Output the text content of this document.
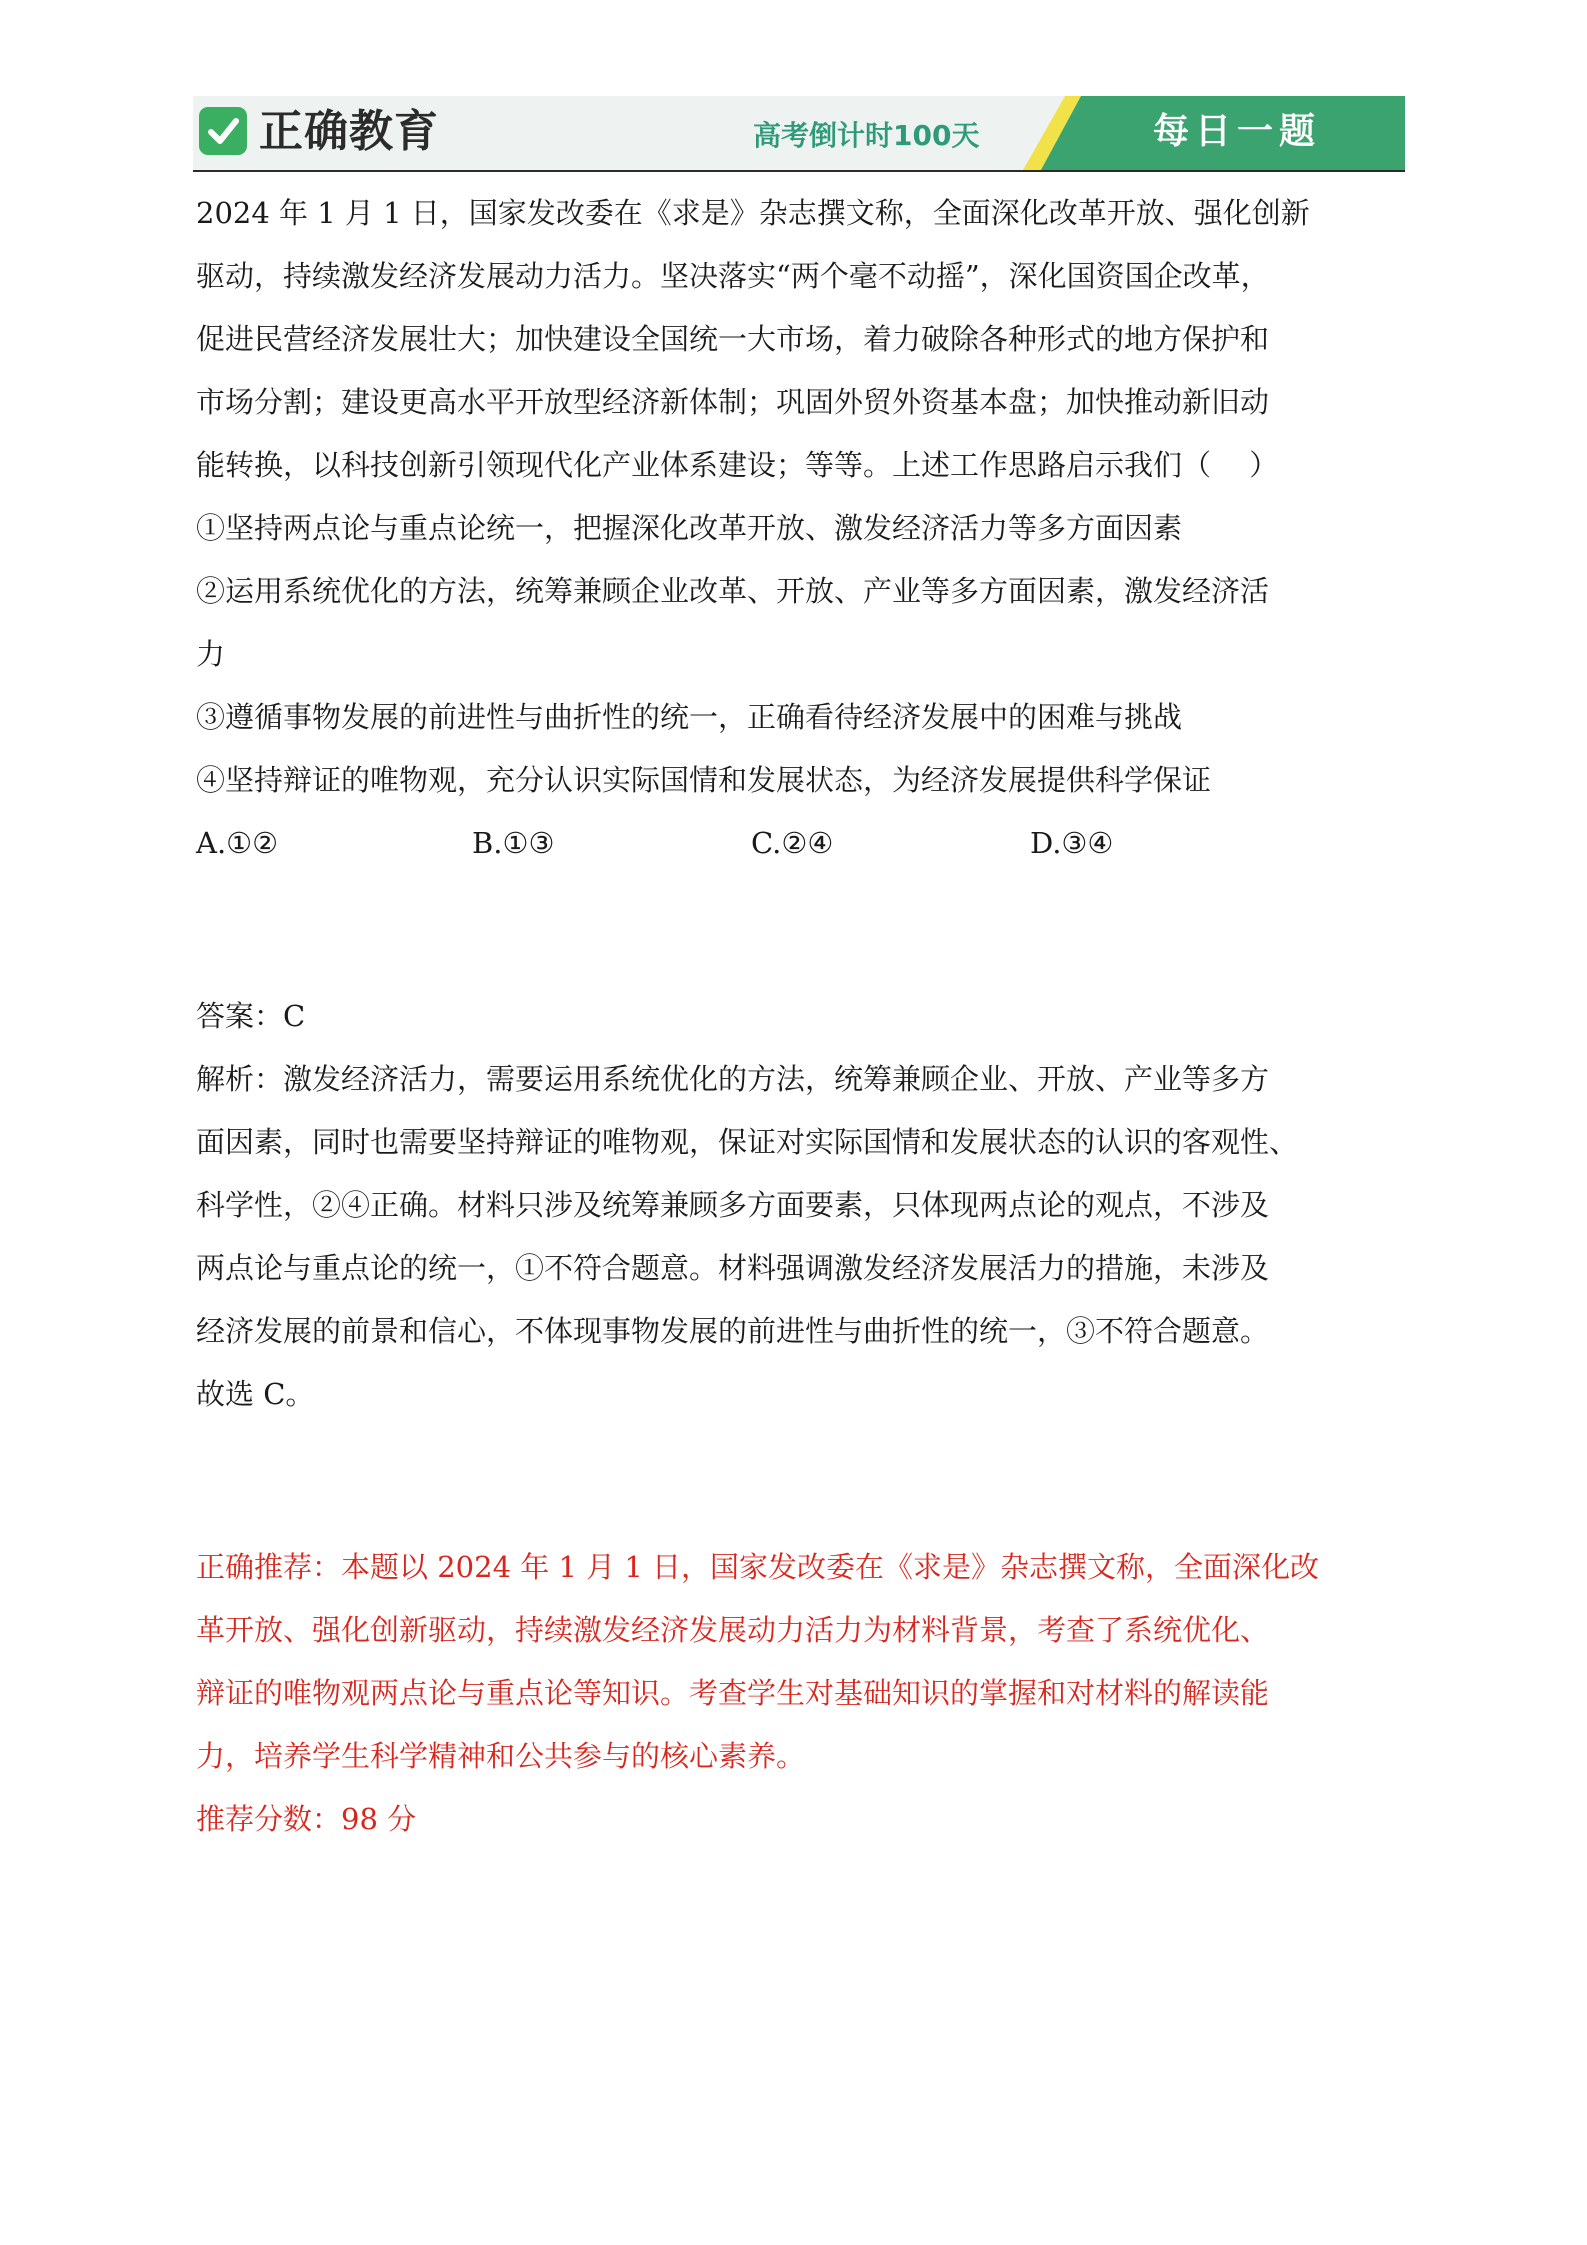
正确教育	高考倒计时100天	每日一题
2024 年 1 月 1 日，国家发改委在《求是》杂志撰文称，全面深化改革开放、强化创新
驱动，持续激发经济发展动力活力。坚决落实“两个毫不动摇”，深化国资国企改革，
促进民营经济发展壮大；加快建设全国统一大市场，着力破除各种形式的地方保护和
市场分割；建设更高水平开放型经济新体制；巩固外贸外资基本盘；加快推动新旧动
能转换，以科技创新引领现代化产业体系建设；等等。上述工作思路启示我们（　 ）
①坚持两点论与重点论统一，把握深化改革开放、激发经济活力等多方面因素
②运用系统优化的方法，统筹兼顾企业改革、开放、产业等多方面因素，激发经济活
力
③遵循事物发展的前进性与曲折性的统一，正确看待经济发展中的困难与挑战
④坚持辩证的唯物观，充分认识实际国情和发展状态，为经济发展提供科学保证
A.①②	B.①③	C.②④	D.③④
答案：C
解析：激发经济活力，需要运用系统优化的方法，统筹兼顾企业、开放、产业等多方
面因素，同时也需要坚持辩证的唯物观，保证对实际国情和发展状态的认识的客观性、
科学性，②④正确。材料只涉及统筹兼顾多方面要素，只体现两点论的观点，不涉及
两点论与重点论的统一，①不符合题意。材料强调激发经济发展活力的措施，未涉及
经济发展的前景和信心，不体现事物发展的前进性与曲折性的统一，③不符合题意。
故选 C。
正确推荐：本题以 2024 年 1 月 1 日，国家发改委在《求是》杂志撰文称，全面深化改
革开放、强化创新驱动，持续激发经济发展动力活力为材料背景，考查了系统优化、
辩证的唯物观两点论与重点论等知识。考查学生对基础知识的掌握和对材料的解读能
力，培养学生科学精神和公共参与的核心素养。
推荐分数：98 分
